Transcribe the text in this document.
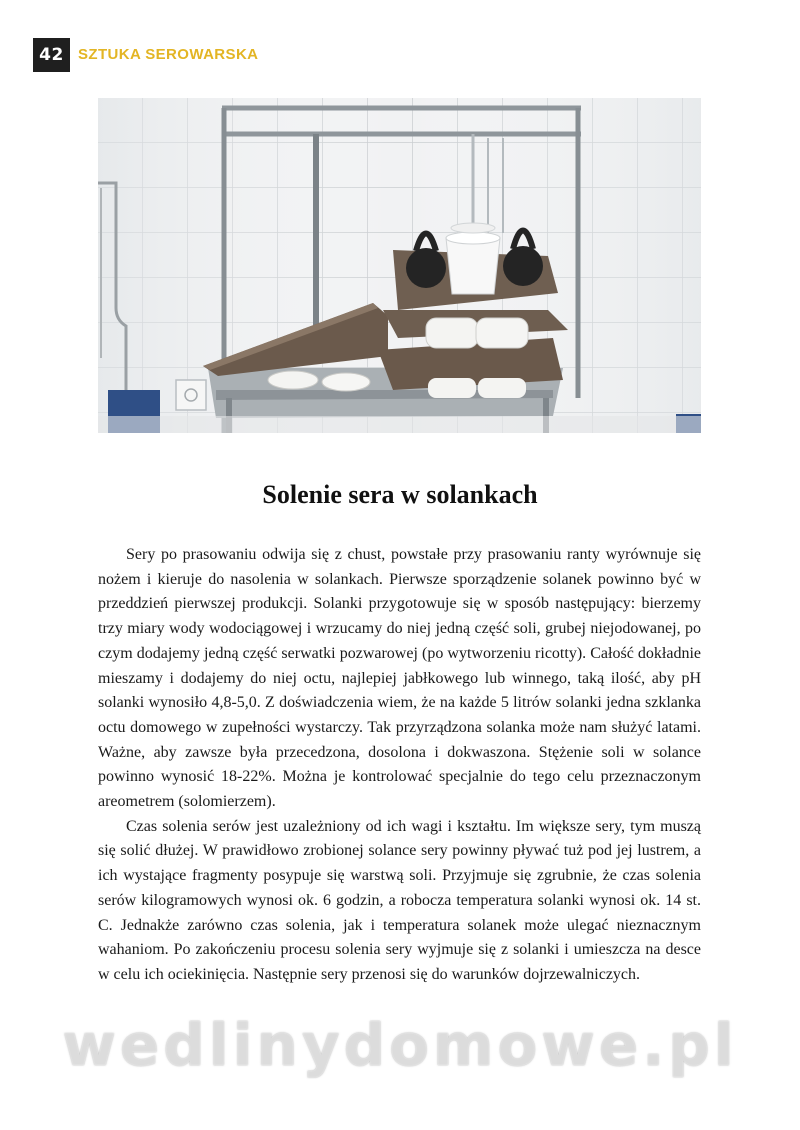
42 SZTUKA SEROWARSKA
Solenie sera w solankach

Sery po prasowaniu odwija się z chust, powstałe przy prasowaniu ranty wyrównuje się nożem i kieruje do nasolenia w solankach. Pierwsze sporządzenie solanek powinno być w przeddzień pierwszej produkcji. Solanki przygotowuje się w sposób następujący: bierzemy trzy miary wody wodociągowej i wrzucamy do niej jedną część soli, grubej niejodowanej, po czym dodajemy jedną część serwatki pozwarowej (po wytworzeniu ricotty). Całość dokładnie mieszamy i dodajemy do niej octu, najlepiej jabłkowego lub winnego, taką ilość, aby pH solanki wynosiło 4,8-5,0. Z doświadczenia wiem, że na każde 5 litrów solanki jedna szklanka octu domowego w zupełności wystarczy. Tak przyrządzona solanka może nam służyć latami. Ważne, aby zawsze była przecedzona, dosolona i dokwaszona. Stężenie soli w solance powinno wynosić 18-22%. Można je kontrolować specjalnie do tego celu przeznaczonym areometrem (solomierzem).

Czas solenia serów jest uzależniony od ich wagi i kształtu. Im większe sery, tym muszą się solić dłużej. W prawidłowo zrobionej solance sery powinny pływać tuż pod jej lustrem, a ich wystające fragmenty posypuje się warstwą soli. Przyjmuje się zgrubnie, że czas solenia serów kilogramowych wynosi ok. 6 godzin, a robocza temperatura solanki wynosi ok. 14 st. C. Jednakże zarówno czas solenia, jak i temperatura solanek może ulegać nieznacznym wahaniom. Po zakończeniu procesu solenia sery wyjmuje się z solanki i umieszcza na desce w celu ich ociekinięcia. Następnie sery przenosi się do warunków dojrzewalniczych.

wedlinydomowe.pl
